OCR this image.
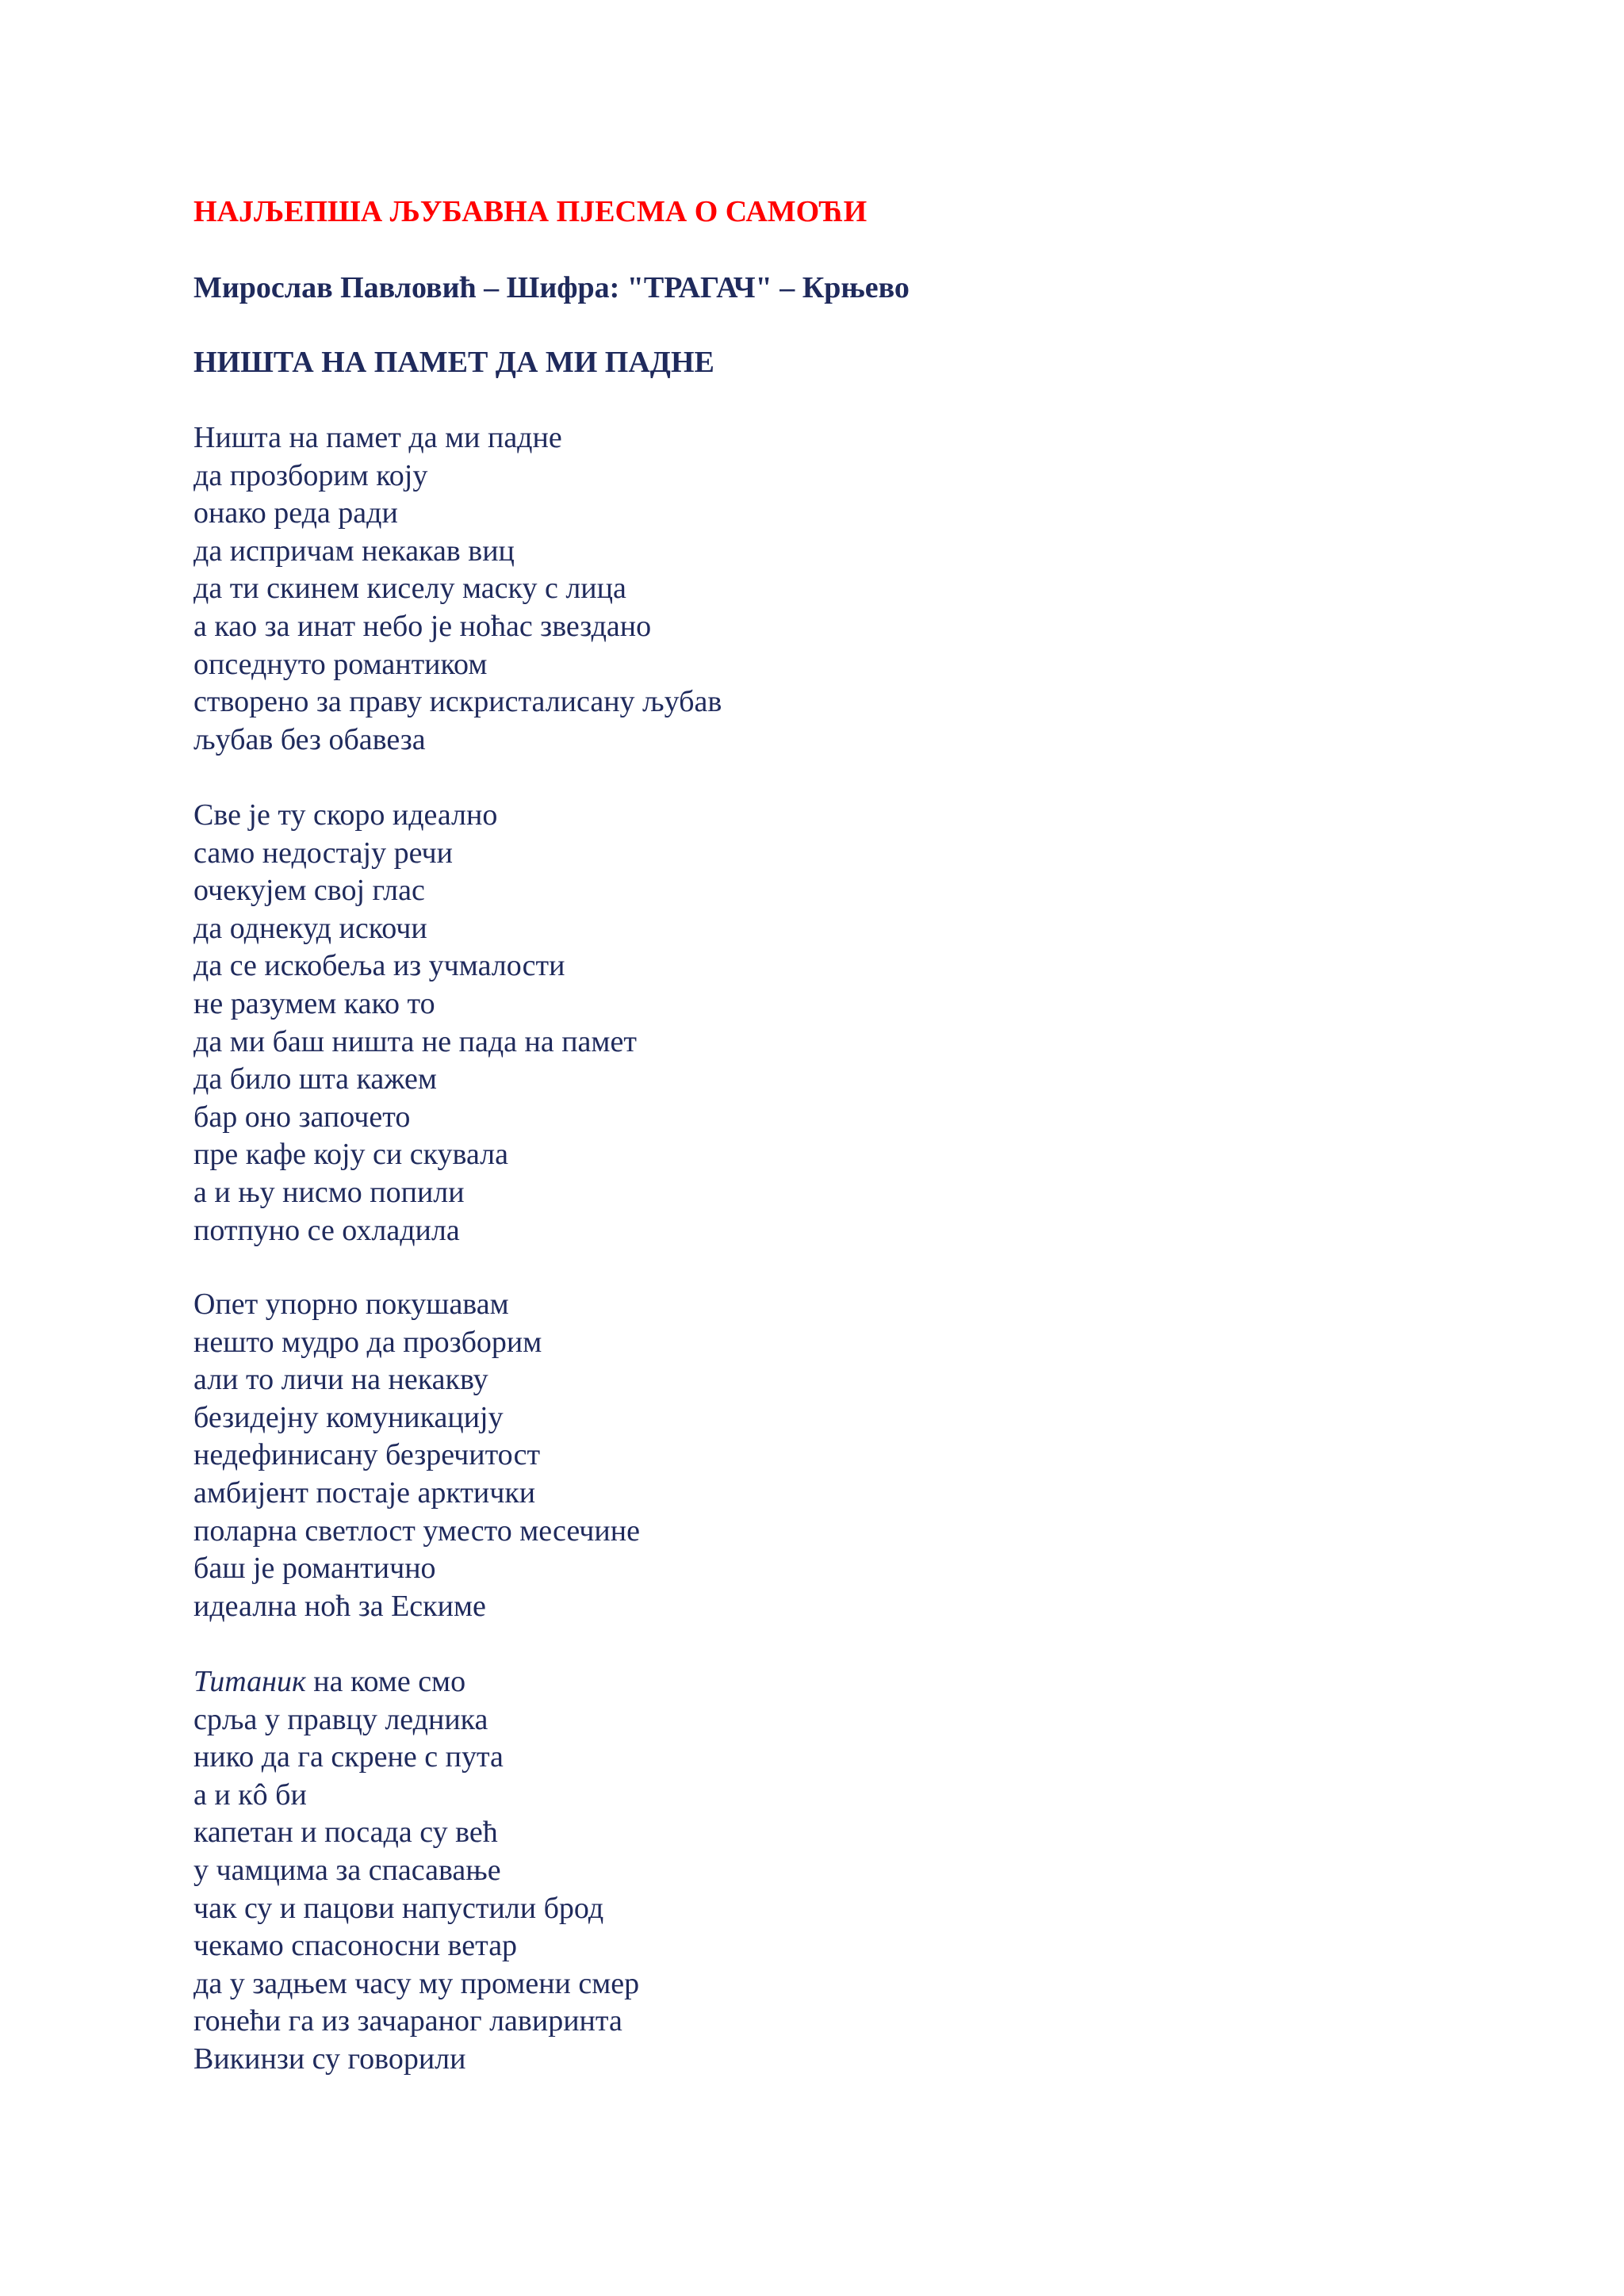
НАЈЉЕПША ЉУБАВНА ПЈЕСМА О САМОЋИ

Мирослав Павловић – Шифра: "ТРАГАЧ" – Крњево

НИШТА НА ПАМЕТ ДА МИ ПАДНЕ
Ништа на памет да ми падне
да прозборим коју
онако реда ради
да испричам некакав виц
да ти скинем киселу маску с лица
а као за инат небо је ноћас звездано
опседнуто романтиком
створено за праву искристалисану љубав
љубав без обавеза
Све је ту скоро идеално
само недостају речи
очекујем свој глас
да однекуд искочи
да се искобеља из учмалости
не разумем како то
да ми баш ништа не пада на памет
да било шта кажем
бар оно започето
пре кафе коју си скувала
а и њу нисмо попили
потпуно се охладила
Опет упорно покушавам
нешто мудро да прозборим
али то личи на некакву
безидејну комуникацију
недефинисану безречитост
амбијент постаје арктички
поларна светлост уместо месечине
баш је романтично
идеална ноћ за Ескиме
Титаник на коме смо
срља у правцу ледника
нико да га скрене с пута
а и кô би
капетан и посада су већ
у чамцима за спасавање
чак су и пацови напустили брод
чекамо спасоносни ветар
да у задњем часу му промени смер
гонећи га из зачараног лавиринта
Викинзи су говорили
